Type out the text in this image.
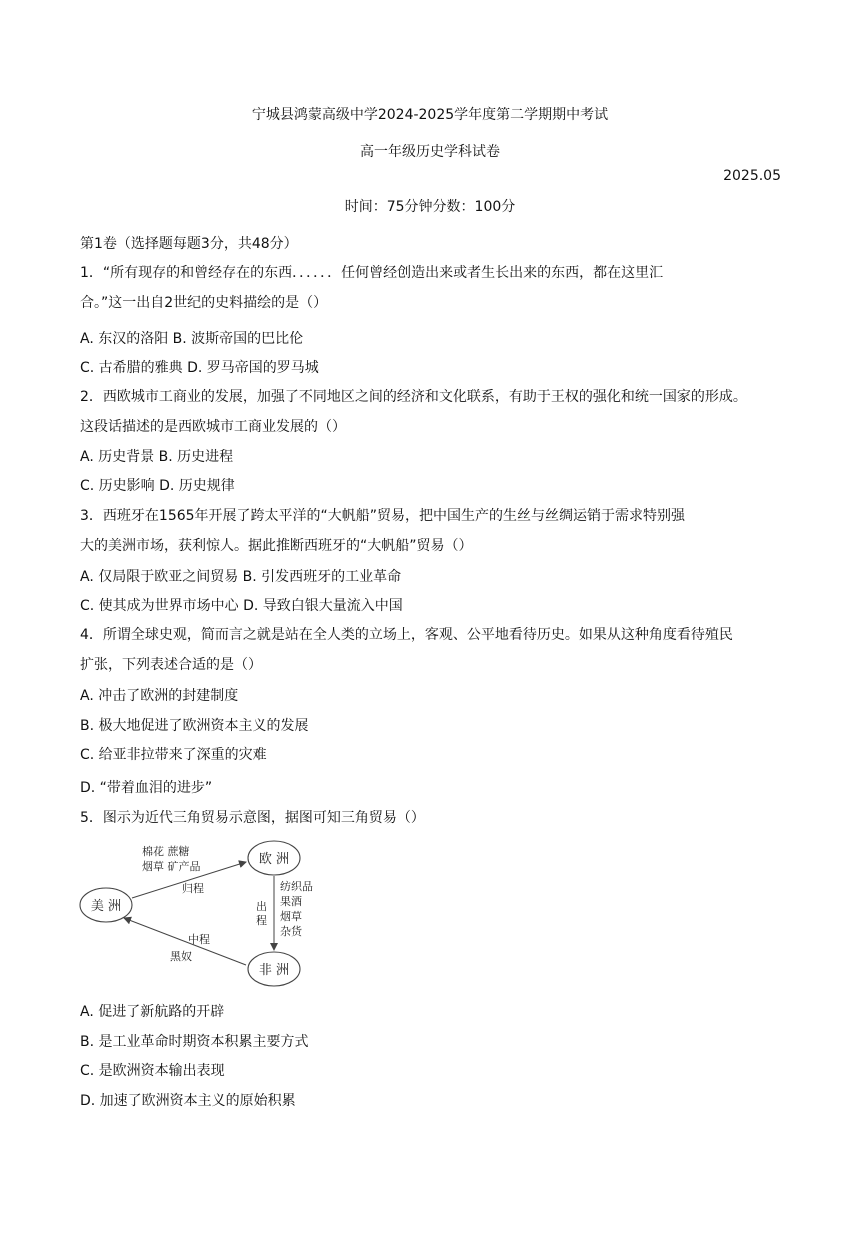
宁城县鸿蒙高级中学2024-2025学年度第二学期期中考试
高一年级历史学科试卷
2025.05
时间：75分钟分数：100分
第1卷（选择题每题3分，共48分）
1．“所有现存的和曾经存在的东西．．．．．．任何曾经创造出来或者生长出来的东西，都在这里汇
合。”这一出自2世纪的史料描绘的是（）
A. 东汉的洛阳 B. 波斯帝国的巴比伦
C. 古希腊的雅典 D. 罗马帝国的罗马城
2．西欧城市工商业的发展，加强了不同地区之间的经济和文化联系，有助于王权的强化和统一国家的形成。
这段话描述的是西欧城市工商业发展的（）
A. 历史背景 B. 历史进程
C. 历史影响 D. 历史规律
3．西班牙在1565年开展了跨太平洋的“大帆船”贸易，把中国生产的生丝与丝绸运销于需求特别强
大的美洲市场，获利惊人。据此推断西班牙的“大帆船”贸易（）
A. 仅局限于欧亚之间贸易 B. 引发西班牙的工业革命
C. 使其成为世界市场中心 D. 导致白银大量流入中国
4．所谓全球史观，简而言之就是站在全人类的立场上，客观、公平地看待历史。如果从这种角度看待殖民
扩张，下列表述合适的是（）
A. 冲击了欧洲的封建制度
B. 极大地促进了欧洲资本主义的发展
C. 给亚非拉带来了深重的灾难
D. “带着血泪的进步”
5．图示为近代三角贸易示意图，据图可知三角贸易（）
美 洲
欧 洲
非 洲
棉花 蔗糖
烟草 矿产品
归程
出
程
纺织品
果酒
烟草
杂货
中程
黑奴
A. 促进了新航路的开辟
B. 是工业革命时期资本积累主要方式
C. 是欧洲资本输出表现
D. 加速了欧洲资本主义的原始积累
